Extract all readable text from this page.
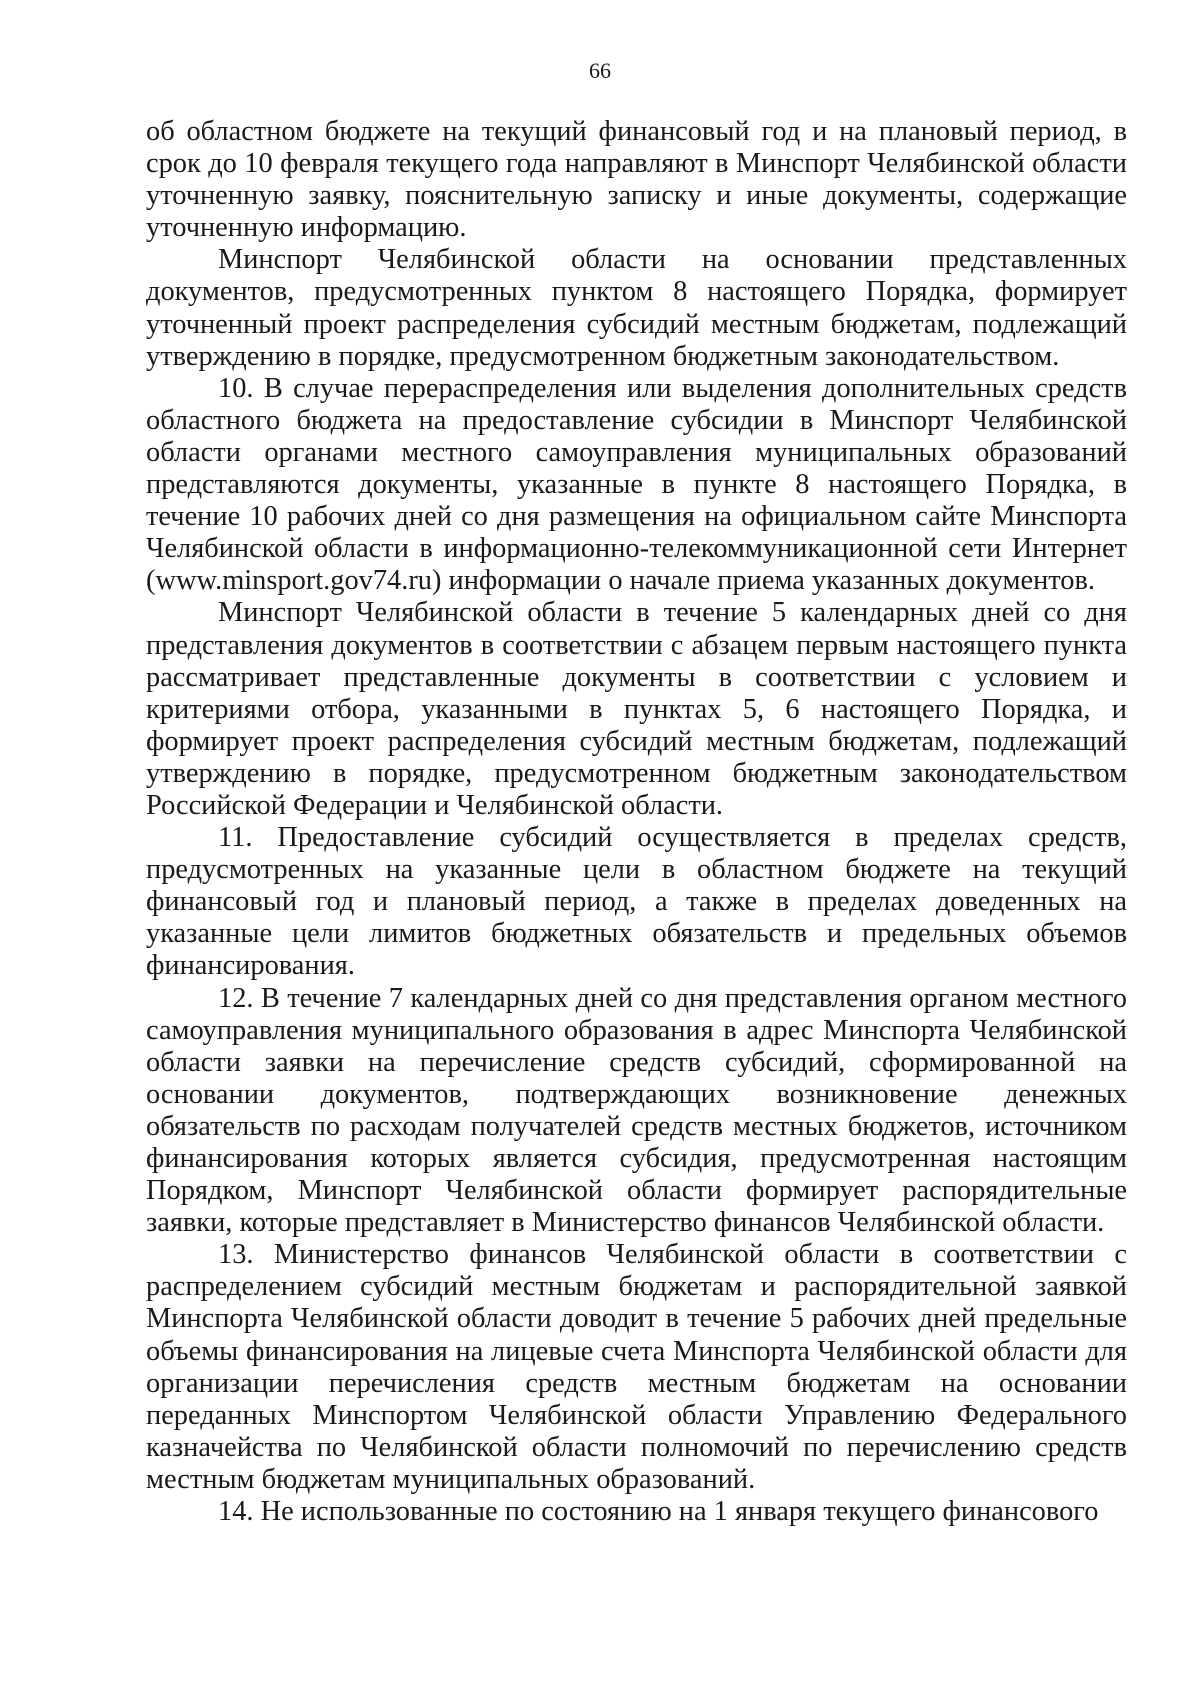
66

об областном бюджете на текущий финансовый год и на плановый период, в срок до 10 февраля текущего года направляют в Минспорт Челябинской области уточненную заявку, пояснительную записку и иные документы, содержащие уточненную информацию.

Минспорт Челябинской области на основании представленных документов, предусмотренных пунктом 8 настоящего Порядка, формирует уточненный проект распределения субсидий местным бюджетам, подлежащий утверждению в порядке, предусмотренном бюджетным законодательством.

10. В случае перераспределения или выделения дополнительных средств областного бюджета на предоставление субсидии в Минспорт Челябинской области органами местного самоуправления муниципальных образований представляются документы, указанные в пункте 8 настоящего Порядка, в течение 10 рабочих дней со дня размещения на официальном сайте Минспорта Челябинской области в информационно-телекоммуникационной сети Интернет (www.minsport.gov74.ru) информации о начале приема указанных документов.

Минспорт Челябинской области в течение 5 календарных дней со дня представления документов в соответствии с абзацем первым настоящего пункта рассматривает представленные документы в соответствии с условием и критериями отбора, указанными в пунктах 5, 6 настоящего Порядка, и формирует проект распределения субсидий местным бюджетам, подлежащий утверждению в порядке, предусмотренном бюджетным законодательством Российской Федерации и Челябинской области.

11. Предоставление субсидий осуществляется в пределах средств, предусмотренных на указанные цели в областном бюджете на текущий финансовый год и плановый период, а также в пределах доведенных на указанные цели лимитов бюджетных обязательств и предельных объемов финансирования.

12. В течение 7 календарных дней со дня представления органом местного самоуправления муниципального образования в адрес Минспорта Челябинской области заявки на перечисление средств субсидий, сформированной на основании документов, подтверждающих возникновение денежных обязательств по расходам получателей средств местных бюджетов, источником финансирования которых является субсидия, предусмотренная настоящим Порядком, Минспорт Челябинской области формирует распорядительные заявки, которые представляет в Министерство финансов Челябинской области.

13. Министерство финансов Челябинской области в соответствии с распределением субсидий местным бюджетам и распорядительной заявкой Минспорта Челябинской области доводит в течение 5 рабочих дней предельные объемы финансирования на лицевые счета Минспорта Челябинской области для организации перечисления средств местным бюджетам на основании переданных Минспортом Челябинской области Управлению Федерального казначейства по Челябинской области полномочий по перечислению средств местным бюджетам муниципальных образований.

14. Не использованные по состоянию на 1 января текущего финансового
